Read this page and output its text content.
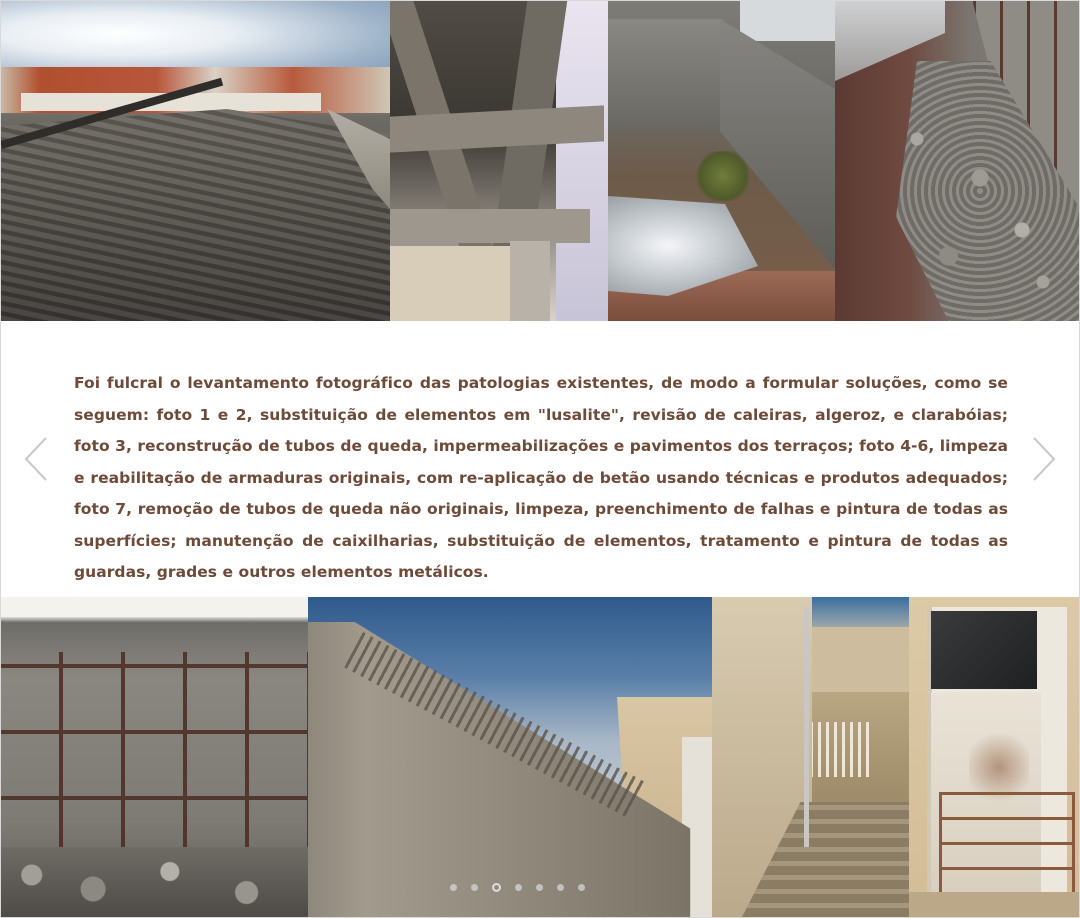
Foi fulcral o levantamento fotográfico das patologias existentes, de modo a formular soluções, como se seguem: foto 1 e 2, substituição de elementos em "lusalite", revisão de caleiras, algeroz, e clarabóias; foto 3, reconstrução de tubos de queda, impermeabilizações e pavimentos dos terraços; foto 4-6, limpeza e reabilitação de armaduras originais, com re-aplicação de betão usando técnicas e produtos adequados; foto 7, remoção de tubos de queda não originais, limpeza, preenchimento de falhas e pintura de todas as superfícies; manutenção de caixilharias, substituição de elementos, tratamento e pintura de todas as guardas, grades e outros elementos metálicos.
